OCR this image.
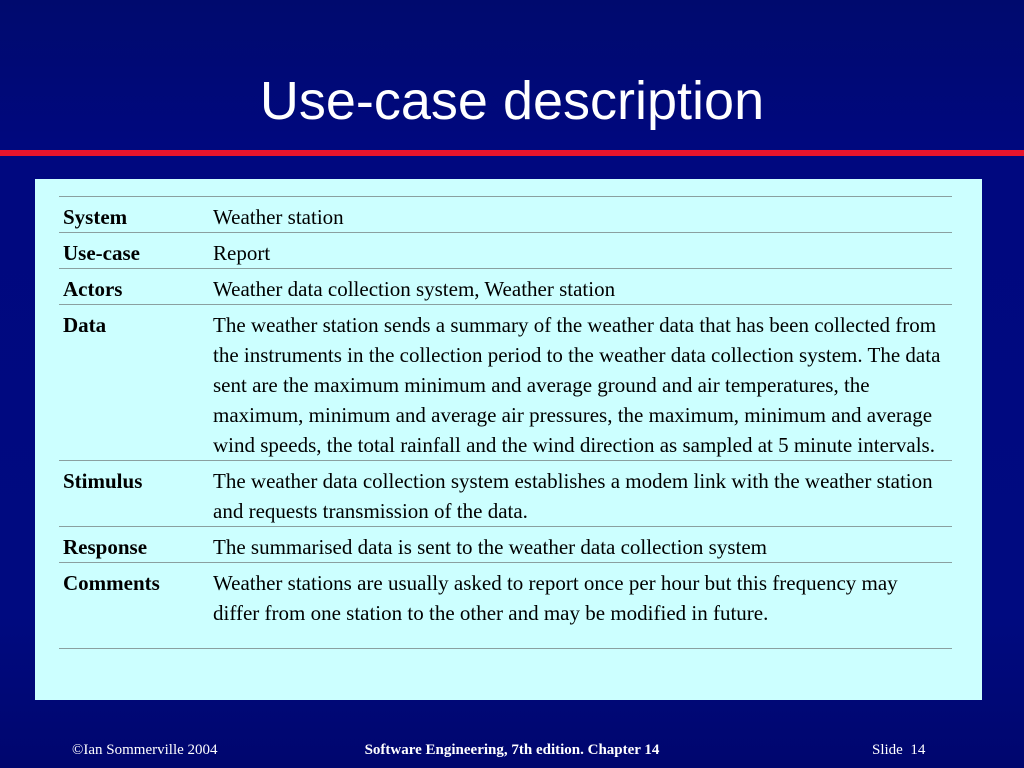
Use-case description
System	Weather station
Use-case	Report
Actors	Weather data collection system, Weather station
Data	The weather station sends a summary of the weather data that has been collected from the instruments in the collection period to the weather data collection system. The data sent are the maximum minimum and average ground and air temperatures, the maximum, minimum and average air pressures, the maximum, minimum and average wind speeds, the total rainfall and the wind direction as sampled at 5 minute intervals.
Stimulus	The weather data collection system establishes a modem link with the weather station and requests transmission of the data.
Response	The summarised data is sent to the weather data collection system
Comments	Weather stations are usually asked to report once per hour but this frequency may differ from one station to the other and may be modified in future.
©Ian Sommerville 2004	Software Engineering, 7th edition. Chapter 14	Slide  14
